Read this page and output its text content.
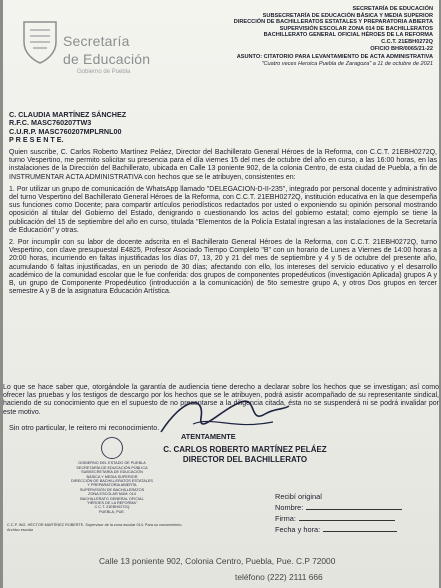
Secretaría
de Educación
Gobierno de Puebla
SECRETARÍA DE EDUCACIÓN
SUBSECRETARÍA DE EDUCACIÓN BÁSICA Y MEDIA SUPERIOR
DIRECCIÓN DE BACHILLERATOS ESTATALES Y PREPARATORIA ABIERTA
SUPERVISIÓN ESCOLAR ZONA 014 DE BACHILLERATOS
BACHILLERATO GENERAL OFICIAL HÉROES DE LA REFORMA
C.C.T. 21EBH0272Q
OFICIO BHR/0065/21-22
ASUNTO: CITATORIO PARA LEVANTAMIENTO DE ACTA ADMINISTRATIVA
"Cuatro veces Heroica Puebla de Zaragoza" a 11 de octubre de 2021
C. CLAUDIA MARTÍNEZ SÁNCHEZ
R.F.C. MASC760207TW3
C.U.R.P. MASC760207MPLRNL00
P R E S E N T E.

Quien suscribe, C. Carlos Roberto Martínez Peláez, Director del Bachillerato General Héroes de la Reforma, con C.C.T. 21EBH0272Q, turno Vespertino, me permito solicitar su presencia para el día viernes 15 del mes de octubre del año en curso, a las 16:00 horas, en las instalaciones de la Dirección del Bachillerato, ubicada en Calle 13 poniente 902, de la colonia Centro, de esta ciudad de Puebla, a fin de INSTRUMENTAR ACTA ADMINISTRATIVA con hechos que se le atribuyen, consistentes en:

1. Por utilizar un grupo de comunicación de WhatsApp llamado "DELEGACION-D-II-235", integrado por personal docente y administrativo del turno Vespertino del Bachillerato General Héroes de la Reforma, con C.C.T. 21EBH0272Q, institución educativa en la que desempeña sus funciones como Docente; para compartir artículos periodísticos redactados por usted o exponiendo su opinión personal mostrando oposición al titular del Gobierno del Estado, denigrando o cuestionando los actos del gobierno estatal; como ejemplo se tiene la publicación del 15 de septiembre del año en curso, titulada "Elementos de la Policía Estatal ingresan a las instalaciones de la Secretaría de Educación" y otras.

2. Por incumplir con su labor de docente adscrita en el Bachillerato General Héroes de la Reforma, con C.C.T. 21EBH0272Q, turno Vespertino, con clave presupuestal E4825, Profesor Asociado Tiempo Completo "B" con un horario de Lunes a Viernes de 14:00 horas a 20:00 horas, incurriendo en faltas injustificadas los días 07, 13, 20 y 21 del mes de septiembre y 4 y 5 de octubre del presente año, acumulando 6 faltas injustificadas, en un periodo de 30 días; afectando con ello, los intereses del servicio educativo y el desarrollo académico de la comunidad escolar que le fue conferida: dos grupos de componentes propedéuticos (investigación Aplicada) grupos A y B, un grupo de Componente Propedéutico (introducción a la comunicación) de 5to semestre grupo A, y otros Dos grupos en tercer semestre A y B de la asignatura Educación Artística.

Lo que se hace saber que, otorgándole la garantía de audiencia tiene derecho a declarar sobre los hechos que se investigan; así como ofrecer las pruebas y los testigos de descargo por los hechos que se le atribuyen, podrá asistir acompañado de su representante sindical, haciendo de su conocimiento que en el supuesto de no presentarse a la diligencia citada, ésta no se suspenderá ni se podrá invalidar por este motivo.
Sin otro particular, le reitero mi reconocimiento.
GOBIERNO DEL ESTADO DE PUEBLA
SECRETARÍA DE EDUCACIÓN PÚBLICA
SUBSECRETARÍA DE EDUCACIÓN
BÁSICA Y MEDIA SUPERIOR
DIRECCIÓN DE BACHILLERATOS ESTATALES
Y PREPARATORIA ABIERTA
SUPERVISIÓN DE BACHILLERATOS
ZONA ESCOLAR NÚM. 014
BACHILLERATO GENERAL OFICIAL
"HÉROES DE LA REFORMA"
C.C.T. 21EBH0272Q
PUEBLA, PUE.
ATENTAMENTE
C. CARLOS ROBERTO MARTÍNEZ PELÁEZ
DIRECTOR DEL BACHILLERATO
Recibí original
Nombre:
Firma:
Fecha y hora:
C.C.P. ING. HÉCTOR MARTÍNEZ ROBERTE. Supervisor de la zona escolar 014. Para su conocimiento.
Archivo escolar
Calle 13 poniente 902, Colonia Centro, Puebla, Pue. C.P 72000
teléfono (222) 2111 666
